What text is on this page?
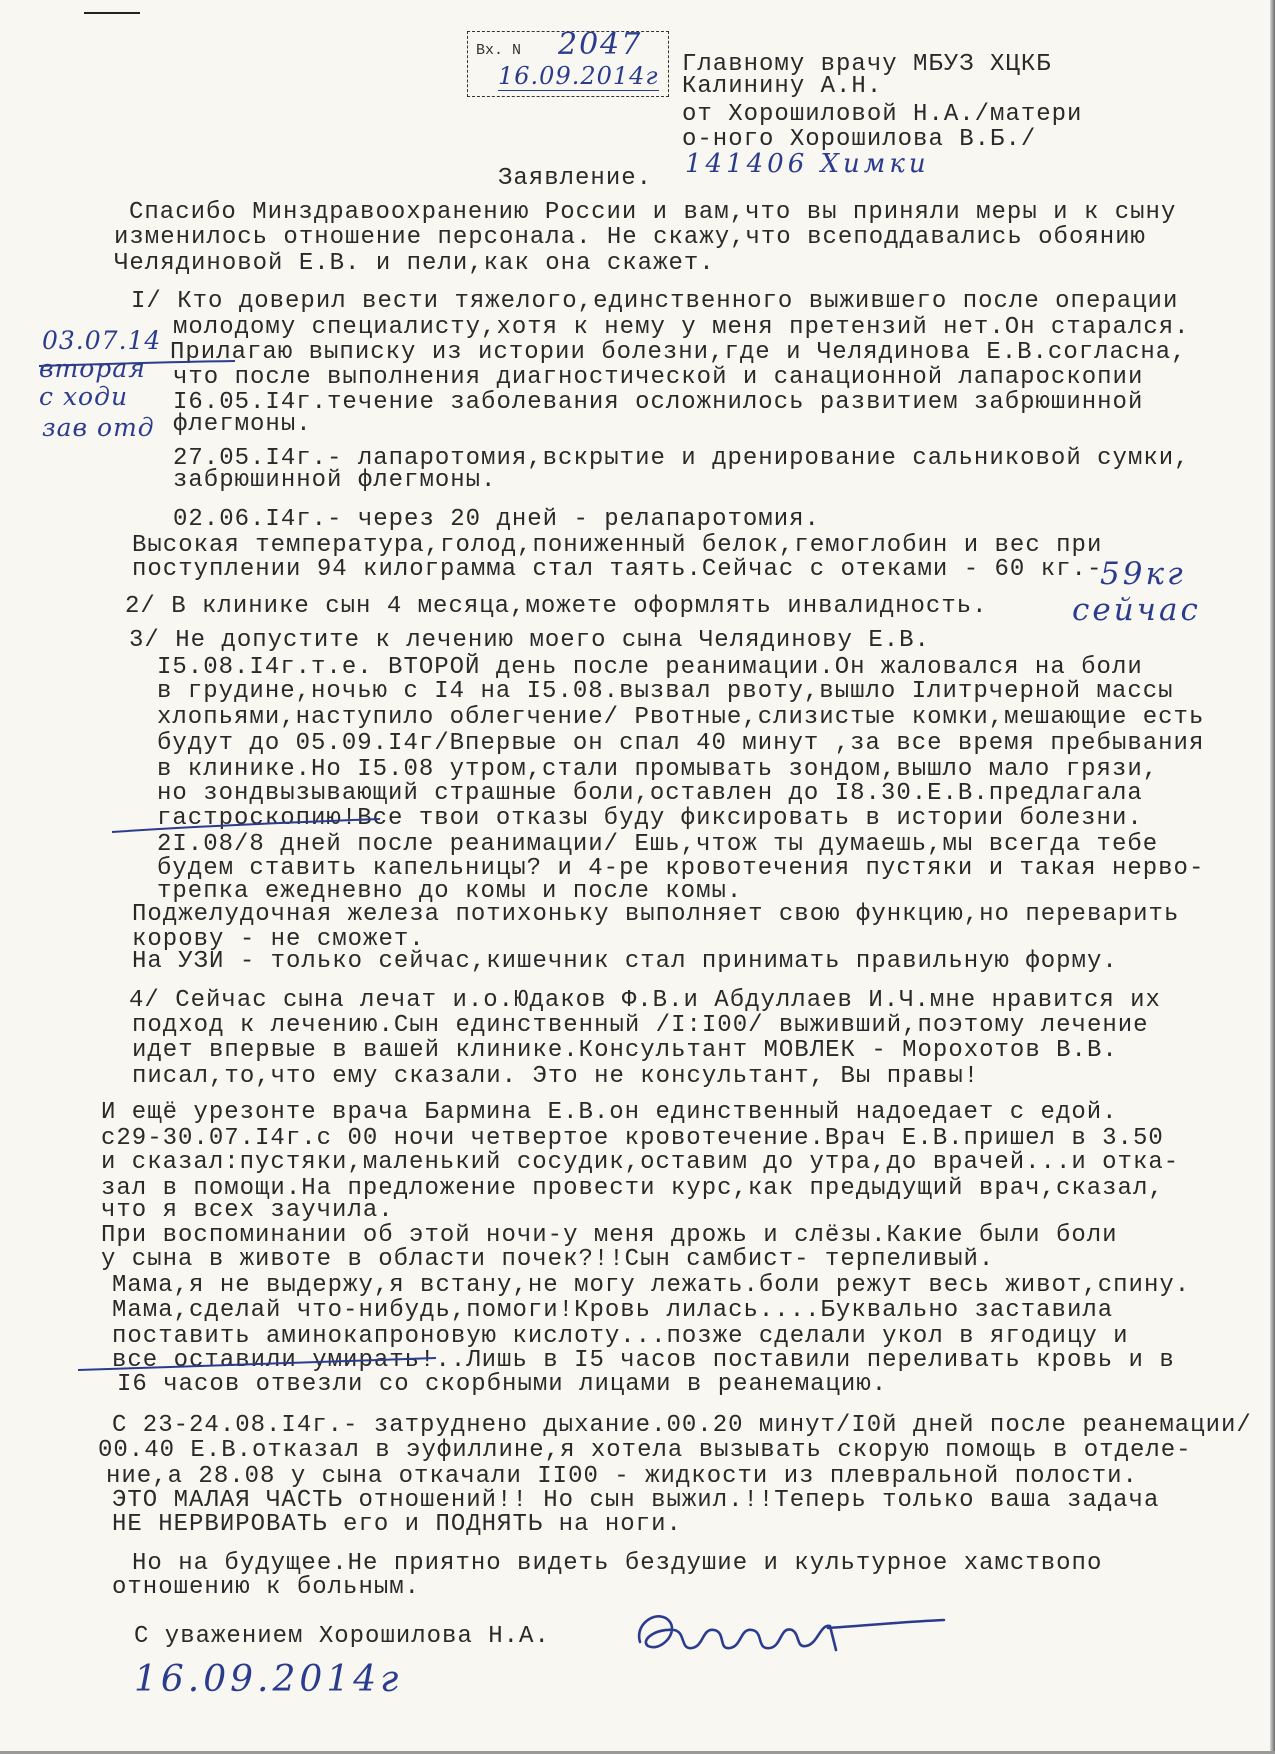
Вх. N 2047
16.09.2014г Главному врачу МБУЗ ХЦКБ
Калинину А.Н.
от Хорошиловой Н.А./матери
о-ного Хорошилова В.Б./
141406 Химки
Заявление.
Спасибо Минздравоохранению России и вам,что вы приняли меры и к сыну
изменилось отношение персонала. Не скажу,что всеподдавались обоянию
Челядиновой Е.В. и пели,как она скажет.
I/ Кто доверил вести тяжелого,единственного выжившего после операции
молодому специалисту,хотя к нему у меня претензий нет.Он старался.
Прилагаю выписку из истории болезни,где и Челядинова Е.В.согласна,
что после выполнения диагностической и санационной лапароскопии
I6.05.I4г.течение заболевания осложнилось развитием забрюшинной
флегмоны.
27.05.I4г.- лапаротомия,вскрытие и дренирование сальниковой сумки,
забрюшинной флегмоны.
02.06.I4г.- через 20 дней - релапаротомия.
Высокая температура,голод,пониженный белок,гемоглобин и вес при
поступлении 94 килограмма стал таять.Сейчас с отеками - 60 кг.-
03.07.14
вторая
с ходи
зав отд
59кг
сейчас
2/ В клинике сын 4 месяца,можете оформлять инвалидность.
3/ Не допустите к лечению моего сына Челядинову Е.В.
I5.08.I4г.т.е. ВТОРОЙ день после реанимации.Он жаловался на боли
в грудине,ночью с I4 на I5.08.вызвал рвоту,вышло Iлитрчерной массы
хлопьями,наступило облегчение/ Рвотные,слизистые комки,мешающие есть
будут до 05.09.I4г/Впервые он спал 40 минут ,за все время пребывания
в клинике.Но I5.08 утром,стали промывать зондом,вышло мало грязи,
но зондвызывающий страшные боли,оставлен до I8.30.Е.В.предлагала
гастроскопию!Все твои отказы буду фиксировать в истории болезни.
2I.08/8 дней после реанимации/ Ешь,чтож ты думаешь,мы всегда тебе
будем ставить капельницы? и 4-ре кровотечения пустяки и такая нерво-
трепка ежедневно до комы и после комы.
Поджелудочная железа потихоньку выполняет свою функцию,но переварить
корову - не сможет.
На УЗИ - только сейчас,кишечник стал принимать правильную форму.
4/ Сейчас сына лечат и.о.Юдаков Ф.В.и Абдуллаев И.Ч.мне нравится их
подход к лечению.Сын единственный /I:I00/ выживший,поэтому лечение
идет впервые в вашей клинике.Консультант МОВЛЕК - Морохотов В.В.
писал,то,что ему сказали. Это не консультант, Вы правы!
И ещё урезонте врача Бармина Е.В.он единственный надоедает с едой.
с29-30.07.I4г.с 00 ночи четвертое кровотечение.Врач Е.В.пришел в 3.50
и сказал:пустяки,маленький сосудик,оставим до утра,до врачей...и отка-
зал в помощи.На предложение провести курс,как предыдущий врач,сказал,
что я всех заучила.
При воспоминании об этой ночи-у меня дрожь и слёзы.Какие были боли
у сына в животе в области почек?!!Сын самбист- терпеливый.
Мама,я не выдержу,я встану,не могу лежать.боли режут весь живот,спину.
Мама,сделай что-нибудь,помоги!Кровь лилась....Буквально заставила
поставить аминокапроновую кислоту...позже сделали укол в ягодицу и
все оставили умирать!..Лишь в I5 часов поставили переливать кровь и в
I6 часов отвезли со скорбными лицами в реанемацию.
С 23-24.08.I4г.- затруднено дыхание.00.20 минут/I0й дней после реанемации/
00.40 Е.В.отказал в эуфиллине,я хотела вызывать скорую помощь в отделе-
ние,а 28.08 у сына откачали II00 - жидкости из плевральной полости.
ЭТО МАЛАЯ ЧАСТЬ отношений!! Но сын выжил.!!Теперь только ваша задача
НЕ НЕРВИРОВАТЬ его и ПОДНЯТЬ на ноги.
Но на будущее.Не приятно видеть бездушие и культурное хамствопо
отношению к больным.
С уважением Хорошилова Н.А.
16.09.2014г
